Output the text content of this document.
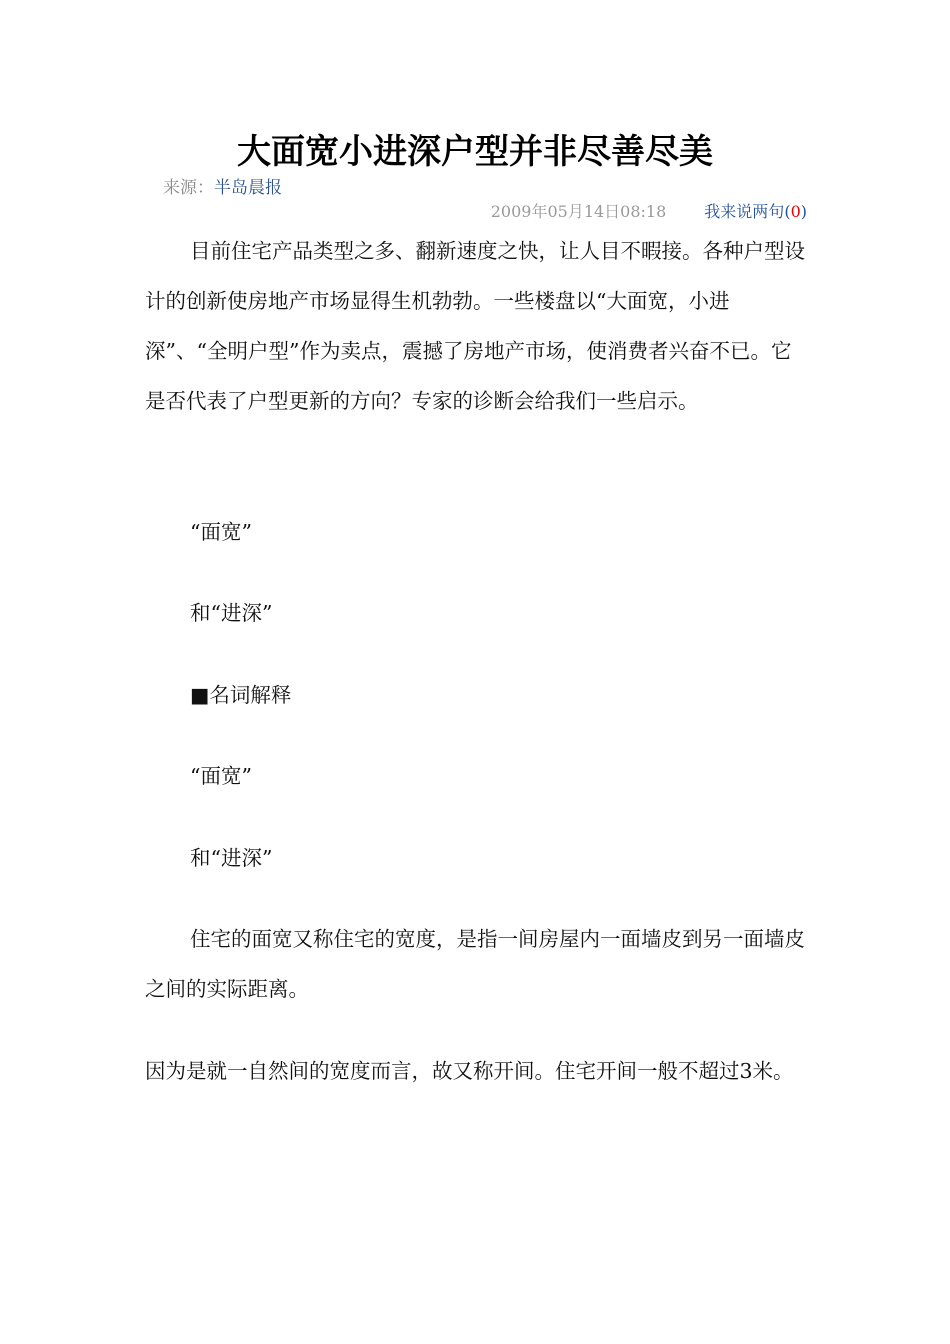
大面宽小进深户型并非尽善尽美
来源：半岛晨报
2009年05月14日08:18 我来说两句(0)

目前住宅产品类型之多、翻新速度之快，让人目不暇接。各种户型设计的创新使房地产市场显得生机勃勃。一些楼盘以“大面宽，小进深”、“全明户型”作为卖点，震撼了房地产市场，使消费者兴奋不已。它是否代表了户型更新的方向？专家的诊断会给我们一些启示。

“面宽”

和“进深”

■名词解释

“面宽”

和“进深”

住宅的面宽又称住宅的宽度，是指一间房屋内一面墙皮到另一面墙皮之间的实际距离。

因为是就一自然间的宽度而言，故又称开间。住宅开间一般不超过3米。
